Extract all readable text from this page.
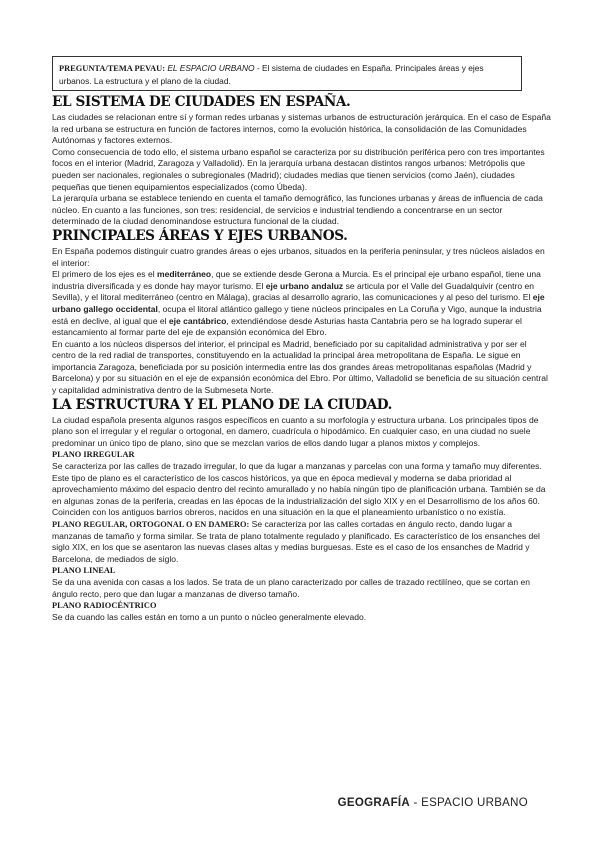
PREGUNTA/TEMA PEVAU: EL ESPACIO URBANO - El sistema de ciudades en España. Principales áreas y ejes urbanos. La estructura y el plano de la ciudad.
EL SISTEMA DE CIUDADES EN ESPAÑA.

Las ciudades se relacionan entre sí y forman redes urbanas y sistemas urbanos de estructuración jerárquica. En el caso de España la red urbana se estructura en función de factores internos, como la evolución histórica, la consolidación de las Comunidades Autónomas y factores externos.

Como consecuencia de todo ello, el sistema urbano español se caracteriza por su distribución periférica pero con tres importantes focos en el interior (Madrid, Zaragoza y Valladolid). En la jerarquía urbana destacan distintos rangos urbanos: Metrópolis que pueden ser nacionales, regionales o subregionales (Madrid); ciudades medias que tienen servicios (como Jaén), ciudades pequeñas que tienen equipamientos especializados (como Úbeda).

La jerarquía urbana se establece teniendo en cuenta el tamaño demográfico, las funciones urbanas y áreas de influencia de cada núcleo. En cuanto a las funciones, son tres: residencial, de servicios e industrial tendiendo a concentrarse en un sector determinado de la ciudad denominandose estructura funcional de la ciudad.

PRINCIPALES ÁREAS Y EJES URBANOS.

En España podemos distinguir cuatro grandes áreas o ejes urbanos, situados en la periferia peninsular, y tres núcleos aislados en el interior:

El primero de los ejes es el mediterráneo, que se extiende desde Gerona a Murcia. Es el principal eje urbano español, tiene una industria diversificada y es donde hay mayor turismo. El eje urbano andaluz se articula por el Valle del Guadalquivir (centro en Sevilla), y el litoral mediterráneo (centro en Málaga), gracias al desarrollo agrario, las comunicaciones y al peso del turismo. El eje urbano gallego occidental, ocupa el litoral atlántico gallego y tiene núcleos principales en La Coruña y Vigo, aunque la industria está en declive, al igual que el eje cantábrico, extendiéndose desde Asturias hasta Cantabria pero se ha logrado superar el estancamiento al formar parte del eje de expansión económica del Ebro.

En cuanto a los núcleos dispersos del interior, el principal es Madrid, beneficiado por su capitalidad administrativa y por ser el centro de la red radial de transportes, constituyendo en la actualidad la principal área metropolitana de España. Le sigue en importancia Zaragoza, beneficiada por su posición intermedia entre las dos grandes áreas metropolitanas españolas (Madrid y Barcelona) y por su situación en el eje de expansión económica del Ebro. Por último, Valladolid se beneficia de su situación central y capitalidad administrativa dentro de la Submeseta Norte.

LA ESTRUCTURA Y EL PLANO DE LA CIUDAD.

La ciudad española presenta algunos rasgos específicos en cuanto a su morfología y estructura urbana. Los principales tipos de plano son el irregular y el regular o ortogonal, en damero, cuadrícula o hipodámico. En cualquier caso, en una ciudad no suele predominar un único tipo de plano, sino que se mezclan varios de ellos dando lugar a planos mixtos y complejos.

PLANO IRREGULAR

Se caracteriza por las calles de trazado irregular, lo que da lugar a manzanas y parcelas con una forma y tamaño muy diferentes. Este tipo de plano es el característico de los cascos históricos, ya que en época medieval y moderna se daba prioridad al aprovechamiento máximo del espacio dentro del recinto amurallado y no había ningún tipo de planificación urbana. También se da en algunas zonas de la periferia, creadas en las épocas de la industrialización del siglo XIX y en el Desarrollismo de los años 60. Coinciden con los antiguos barrios obreros, nacidos en una situación en la que el planeamiento urbanístico o no existía.

PLANO REGULAR, ORTOGONAL O EN DAMERO: Se caracteriza por las calles cortadas en ángulo recto, dando lugar a manzanas de tamaño y forma similar. Se trata de plano totalmente regulado y planificado. Es característico de los ensanches del siglo XIX, en los que se asentaron las nuevas clases altas y medias burguesas. Este es el caso de los ensanches de Madrid y Barcelona, de mediados de siglo.

PLANO LINEAL

Se da una avenida con casas a los lados. Se trata de un plano caracterizado por calles de trazado rectilíneo, que se cortan en ángulo recto, pero que dan lugar a manzanas de diverso tamaño.

PLANO RADIOCÉNTRICO

Se da cuando las calles están en torno a un punto o núcleo generalmente elevado.

GEOGRAFÍA - ESPACIO URBANO
